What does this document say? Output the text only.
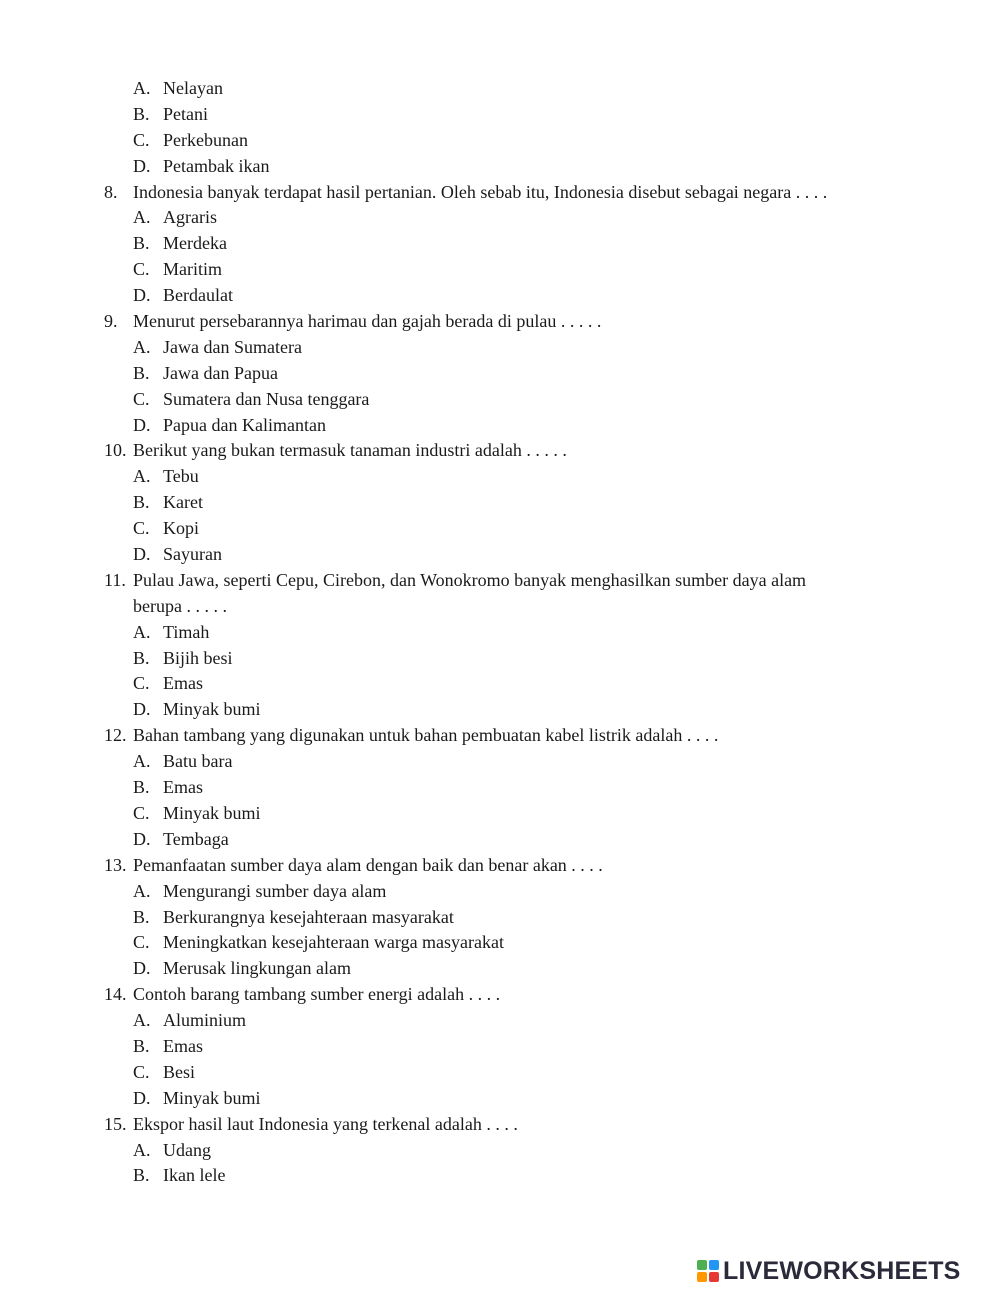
A. Nelayan
B. Petani
C. Perkebunan
D. Petambak ikan
8. Indonesia banyak terdapat hasil pertanian. Oleh sebab itu, Indonesia disebut sebagai negara . . . .
A. Agraris
B. Merdeka
C. Maritim
D. Berdaulat
9. Menurut persebarannya harimau dan gajah berada di pulau . . . . .
A. Jawa dan Sumatera
B. Jawa dan Papua
C. Sumatera dan Nusa tenggara
D. Papua dan Kalimantan
10. Berikut yang bukan termasuk tanaman industri adalah . . . . .
A. Tebu
B. Karet
C. Kopi
D. Sayuran
11. Pulau Jawa, seperti Cepu, Cirebon, dan Wonokromo banyak menghasilkan sumber daya alam
berupa . . . . .
A. Timah
B. Bijih besi
C. Emas
D. Minyak bumi
12. Bahan tambang yang digunakan untuk bahan pembuatan kabel listrik adalah . . . .
A. Batu bara
B. Emas
C. Minyak bumi
D. Tembaga
13. Pemanfaatan sumber daya alam dengan baik dan benar akan . . . .
A. Mengurangi sumber daya alam
B. Berkurangnya kesejahteraan masyarakat
C. Meningkatkan kesejahteraan warga masyarakat
D. Merusak lingkungan alam
14. Contoh barang tambang sumber energi adalah . . . .
A. Aluminium
B. Emas
C. Besi
D. Minyak bumi
15. Ekspor hasil laut Indonesia yang terkenal adalah . . . .
A. Udang
B. Ikan lele
LIVEWORKSHEETS
